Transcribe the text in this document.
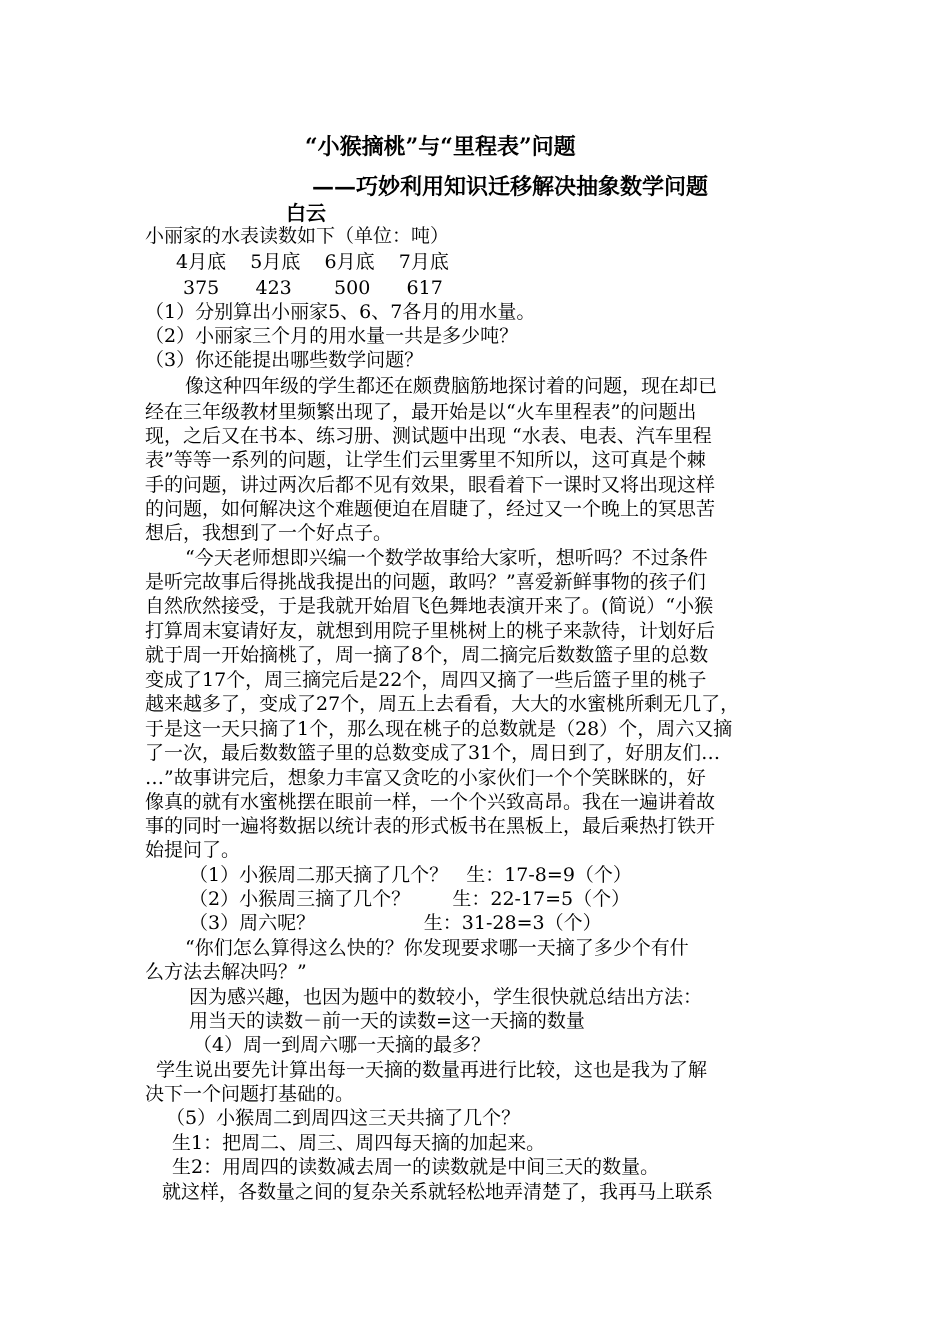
“小猴摘桃”与“里程表”问题
——巧妙利用知识迁移解决抽象数学问题
白云
小丽家的水表读数如下（单位：吨）
4月底    5月底    6月底    7月底
375      423       500      617
（1）分别算出小丽家5、6、7各月的用水量。
（2）小丽家三个月的用水量一共是多少吨？
（3）你还能提出哪些数学问题？
像这种四年级的学生都还在颇费脑筋地探讨着的问题，现在却已
经在三年级教材里频繁出现了，最开始是以“火车里程表”的问题出
现，之后又在书本、练习册、测试题中出现 “水表、电表、汽车里程
表”等等一系列的问题，让学生们云里雾里不知所以，这可真是个棘
手的问题，讲过两次后都不见有效果，眼看着下一课时又将出现这样
的问题，如何解决这个难题便迫在眉睫了，经过又一个晚上的冥思苦
想后，我想到了一个好点子。
“今天老师想即兴编一个数学故事给大家听，想听吗？不过条件
是听完故事后得挑战我提出的问题，敢吗？”喜爱新鲜事物的孩子们
自然欣然接受，于是我就开始眉飞色舞地表演开来了。(简说）“小猴
打算周末宴请好友，就想到用院子里桃树上的桃子来款待，计划好后
就于周一开始摘桃了，周一摘了8个，周二摘完后数数篮子里的总数
变成了17个，周三摘完后是22个，周四又摘了一些后篮子里的桃子
越来越多了，变成了27个，周五上去看看，大大的水蜜桃所剩无几了，
于是这一天只摘了1个，那么现在桃子的总数就是（28）个，周六又摘
了一次，最后数数篮子里的总数变成了31个，周日到了，好朋友们…
…”故事讲完后，想象力丰富又贪吃的小家伙们一个个笑眯眯的，好
像真的就有水蜜桃摆在眼前一样，一个个兴致高昂。我在一遍讲着故
事的同时一遍将数据以统计表的形式板书在黑板上，最后乘热打铁开
始提问了。
（1）小猴周二那天摘了几个？   生：17-8=9（个）
（2）小猴周三摘了几个？       生：22-17=5（个）
（3）周六呢？                  生：31-28=3（个）
“你们怎么算得这么快的？你发现要求哪一天摘了多少个有什
么方法去解决吗？”
因为感兴趣，也因为题中的数较小，学生很快就总结出方法：
用当天的读数－前一天的读数=这一天摘的数量
（4）周一到周六哪一天摘的最多？
学生说出要先计算出每一天摘的数量再进行比较，这也是我为了解
决下一个问题打基础的。
（5）小猴周二到周四这三天共摘了几个？
生1：把周二、周三、周四每天摘的加起来。
生2：用周四的读数减去周一的读数就是中间三天的数量。
就这样，各数量之间的复杂关系就轻松地弄清楚了，我再马上联系
